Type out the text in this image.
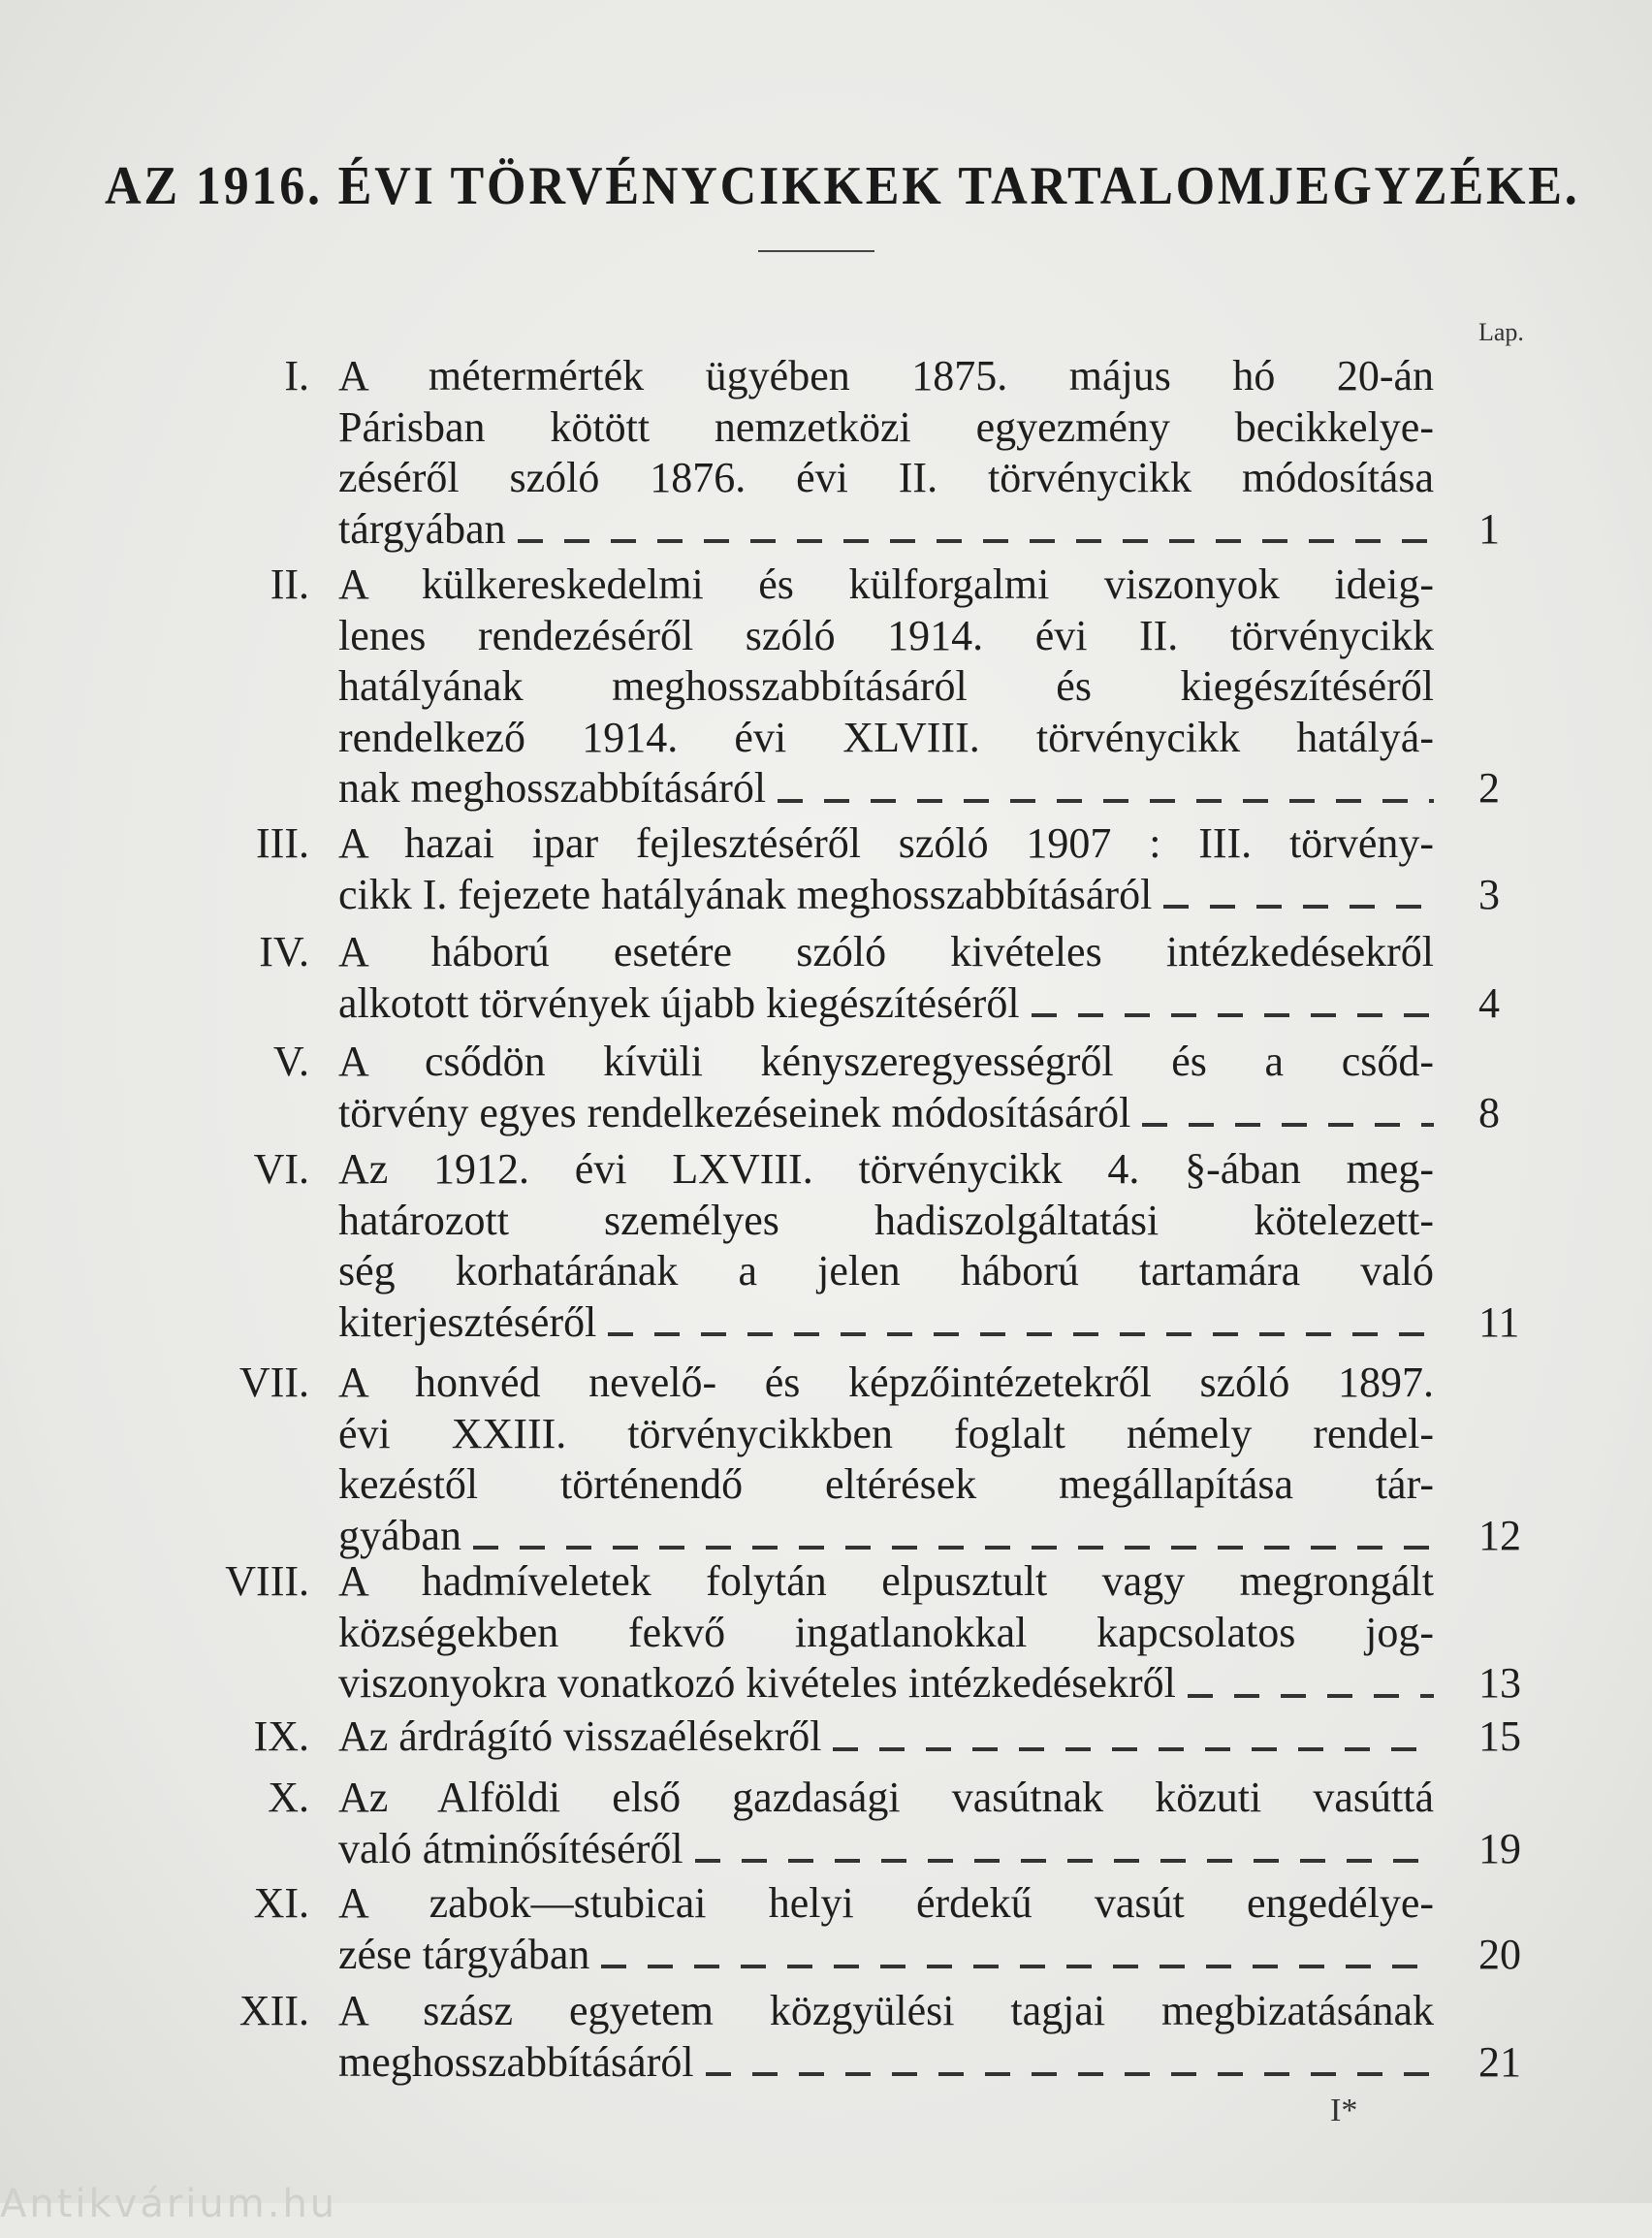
AZ 1916. ÉVI TÖRVÉNYCIKKEK TARTALOMJEGYZÉKE.
Lap.
I. A métermérték ügyében 1875. május hó 20-án
Párisban kötött nemzetközi egyezmény becikkelye-
zéséről szóló 1876. évi II. törvénycikk módosítása
tárgyában	1
II. A külkereskedelmi és külforgalmi viszonyok ideig-
lenes rendezéséről szóló 1914. évi II. törvénycikk
hatályának meghosszabbításáról és kiegészítéséről
rendelkező 1914. évi XLVIII. törvénycikk hatályá-
nak meghosszabbításáról	2
III. A hazai ipar fejlesztéséről szóló 1907 : III. törvény-
cikk I. fejezete hatályának meghosszabbításáról	3
IV. A háború esetére szóló kivételes intézkedésekről
alkotott törvények újabb kiegészítéséről	4
V. A csődön kívüli kényszeregyességről és a csőd-
törvény egyes rendelkezéseinek módosításáról	8
VI. Az 1912. évi LXVIII. törvénycikk 4. §-ában meg-
határozott személyes hadiszolgáltatási kötelezett-
ség korhatárának a jelen háború tartamára való
kiterjesztéséről	11
VII. A honvéd nevelő- és képzőintézetekről szóló 1897.
évi XXIII. törvénycikkben foglalt némely rendel-
kezéstől történendő eltérések megállapítása tár-
gyában	12
VIII. A hadmíveletek folytán elpusztult vagy megrongált
községekben fekvő ingatlanokkal kapcsolatos jog-
viszonyokra vonatkozó kivételes intézkedésekről	13
IX. Az árdrágító visszaélésekről	15
X. Az Alföldi első gazdasági vasútnak közuti vasúttá
való átminősítéséről	19
XI. A zabok—stubicai helyi érdekű vasút engedélye-
zése tárgyában	20
XII. A szász egyetem közgyülési tagjai megbizatásának
meghosszabbításáról	21
I*
Antikvárium.hu
